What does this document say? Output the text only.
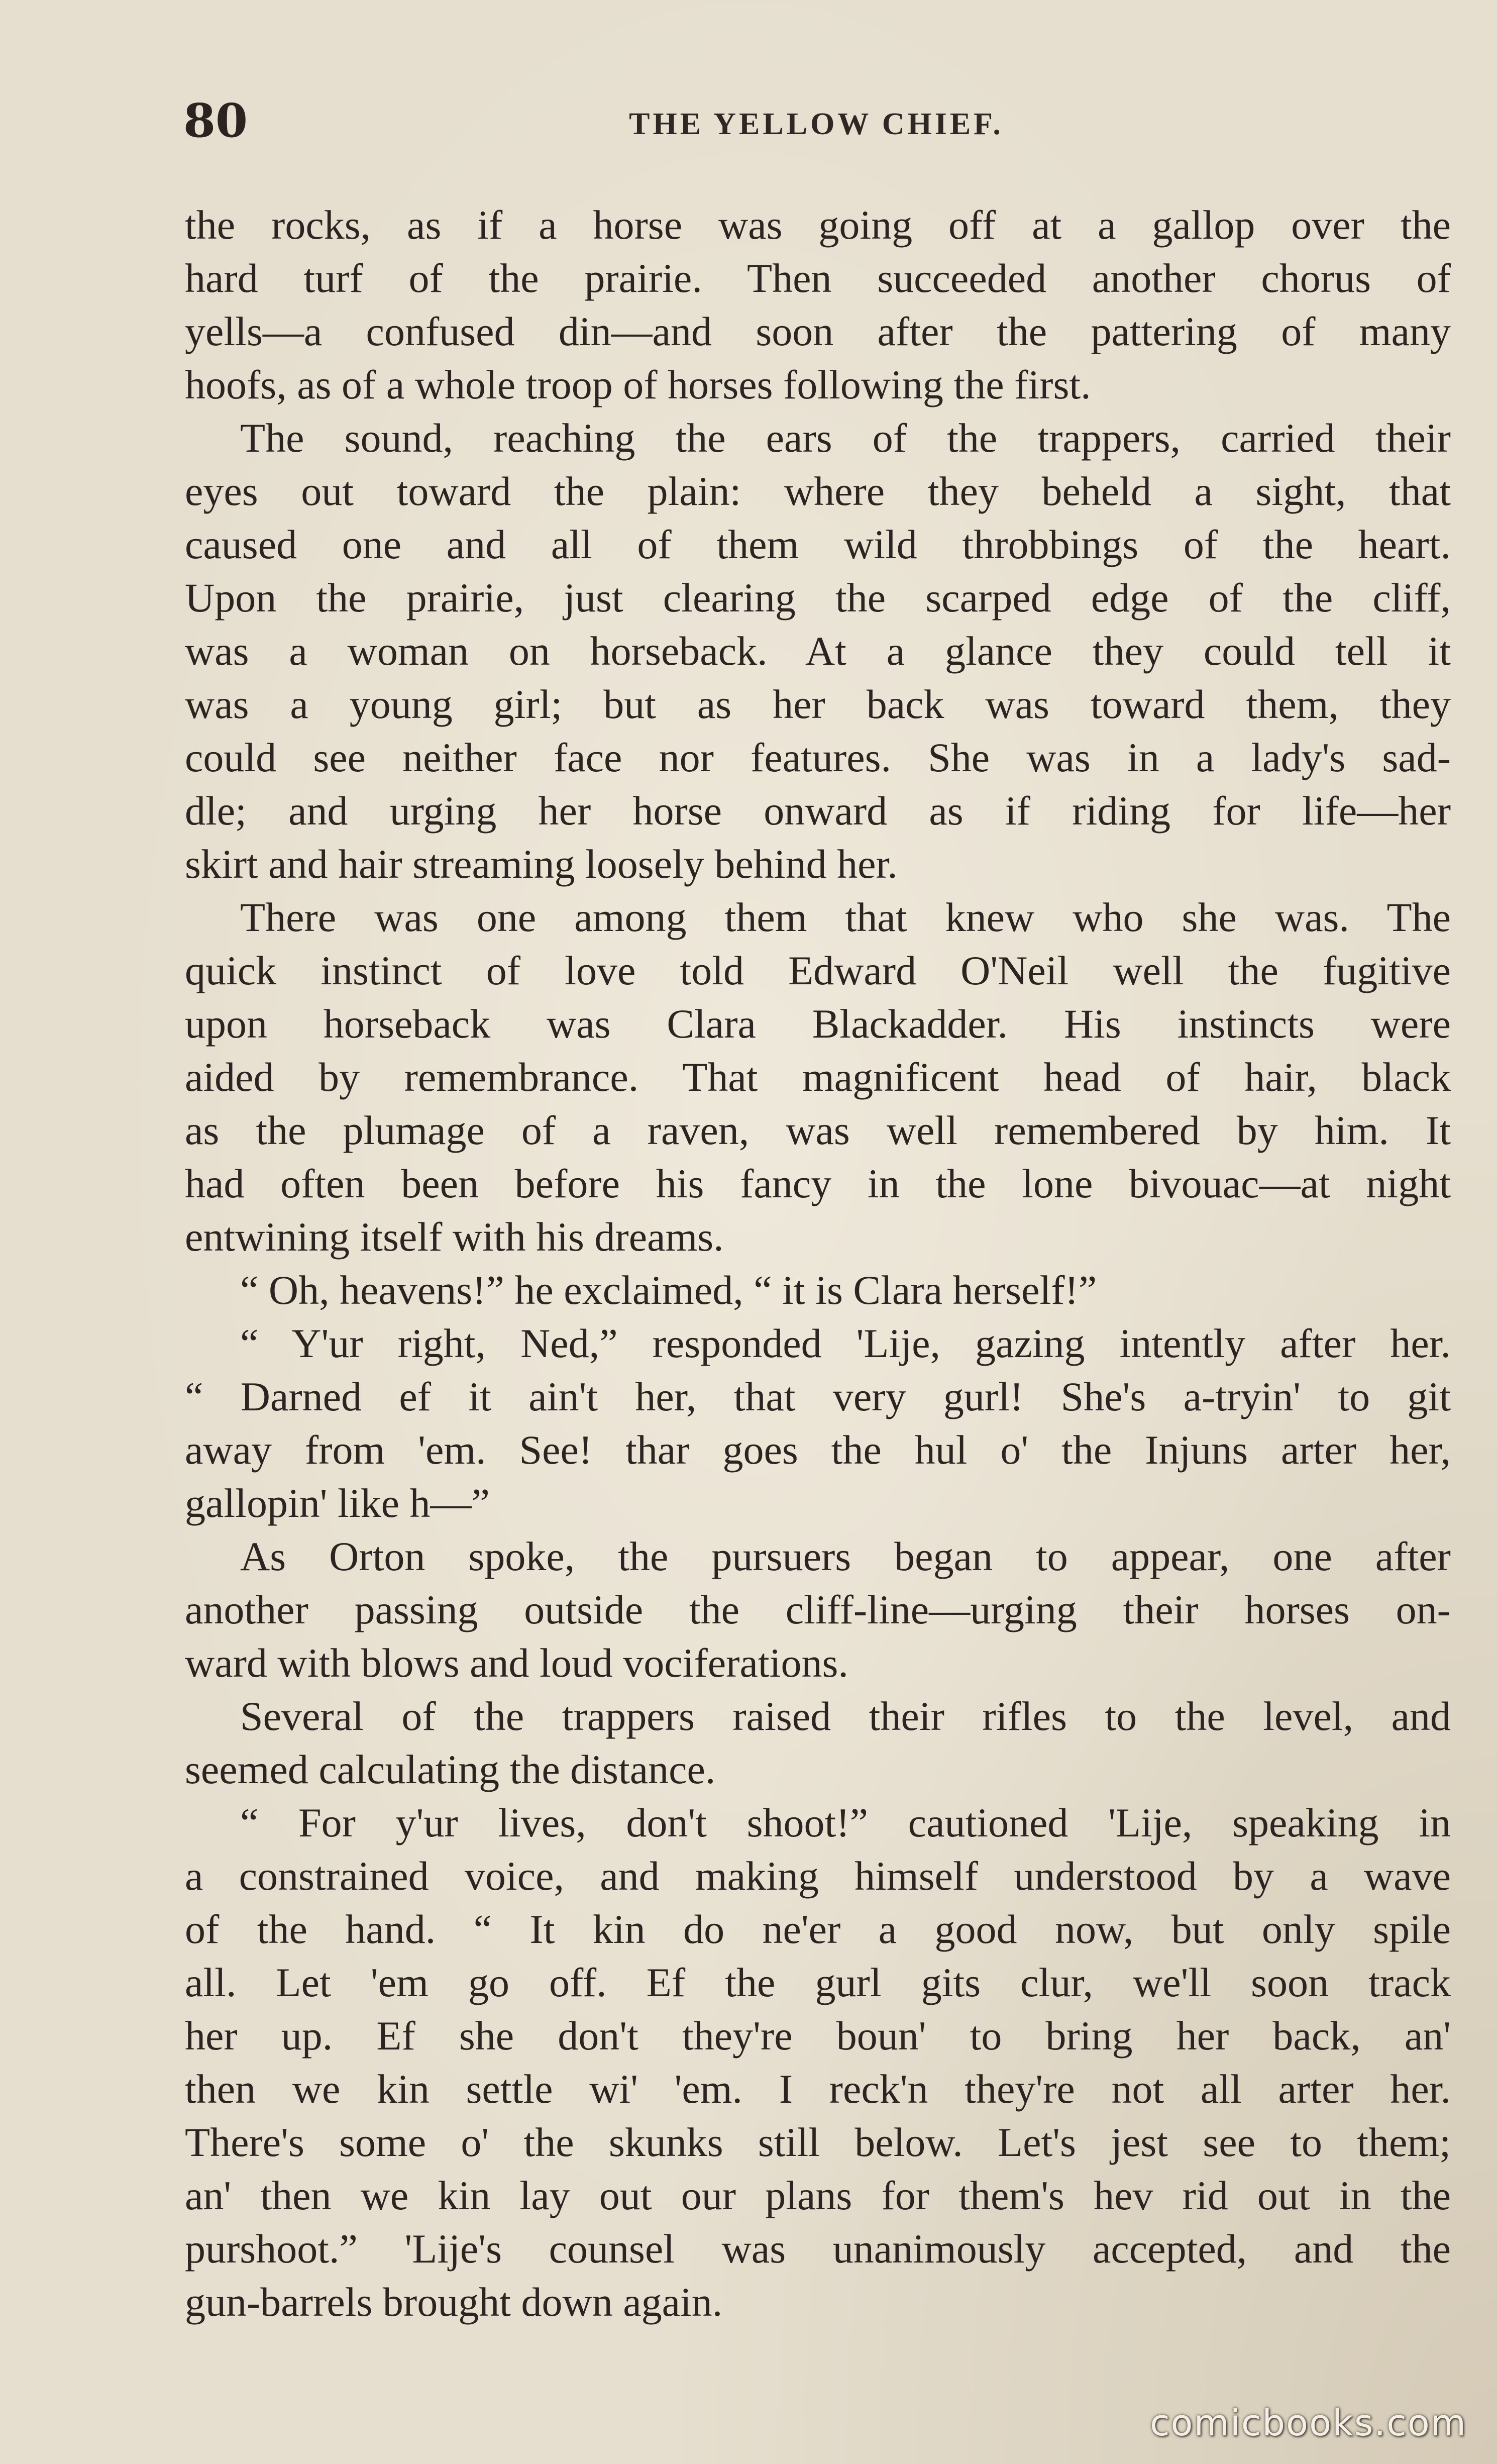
80	THE YELLOW CHIEF.
the rocks, as if a horse was going off at a gallop over the
hard turf of the prairie. Then succeeded another chorus of
yells—a confused din—and soon after the pattering of many
hoofs, as of a whole troop of horses following the first.
The sound, reaching the ears of the trappers, carried their
eyes out toward the plain: where they beheld a sight, that
caused one and all of them wild throbbings of the heart.
Upon the prairie, just clearing the scarped edge of the cliff,
was a woman on horseback. At a glance they could tell it
was a young girl; but as her back was toward them, they
could see neither face nor features. She was in a lady's sad-
dle; and urging her horse onward as if riding for life—her
skirt and hair streaming loosely behind her.
There was one among them that knew who she was. The
quick instinct of love told Edward O'Neil well the fugitive
upon horseback was Clara Blackadder. His instincts were
aided by remembrance. That magnificent head of hair, black
as the plumage of a raven, was well remembered by him. It
had often been before his fancy in the lone bivouac—at night
entwining itself with his dreams.
“ Oh, heavens!” he exclaimed, “ it is Clara herself!”
“ Y'ur right, Ned,” responded 'Lije, gazing intently after her.
“ Darned ef it ain't her, that very gurl! She's a-tryin' to git
away from 'em. See! thar goes the hul o' the Injuns arter her,
gallopin' like h—”
As Orton spoke, the pursuers began to appear, one after
another passing outside the cliff-line—urging their horses on-
ward with blows and loud vociferations.
Several of the trappers raised their rifles to the level, and
seemed calculating the distance.
“ For y'ur lives, don't shoot!” cautioned 'Lije, speaking in
a constrained voice, and making himself understood by a wave
of the hand. “ It kin do ne'er a good now, but only spile
all. Let 'em go off. Ef the gurl gits clur, we'll soon track
her up. Ef she don't they're boun' to bring her back, an'
then we kin settle wi' 'em. I reck'n they're not all arter her.
There's some o' the skunks still below. Let's jest see to them;
an' then we kin lay out our plans for them's hev rid out in the
purshoot.” 'Lije's counsel was unanimously accepted, and the
gun-barrels brought down again.
comicbooks.com
